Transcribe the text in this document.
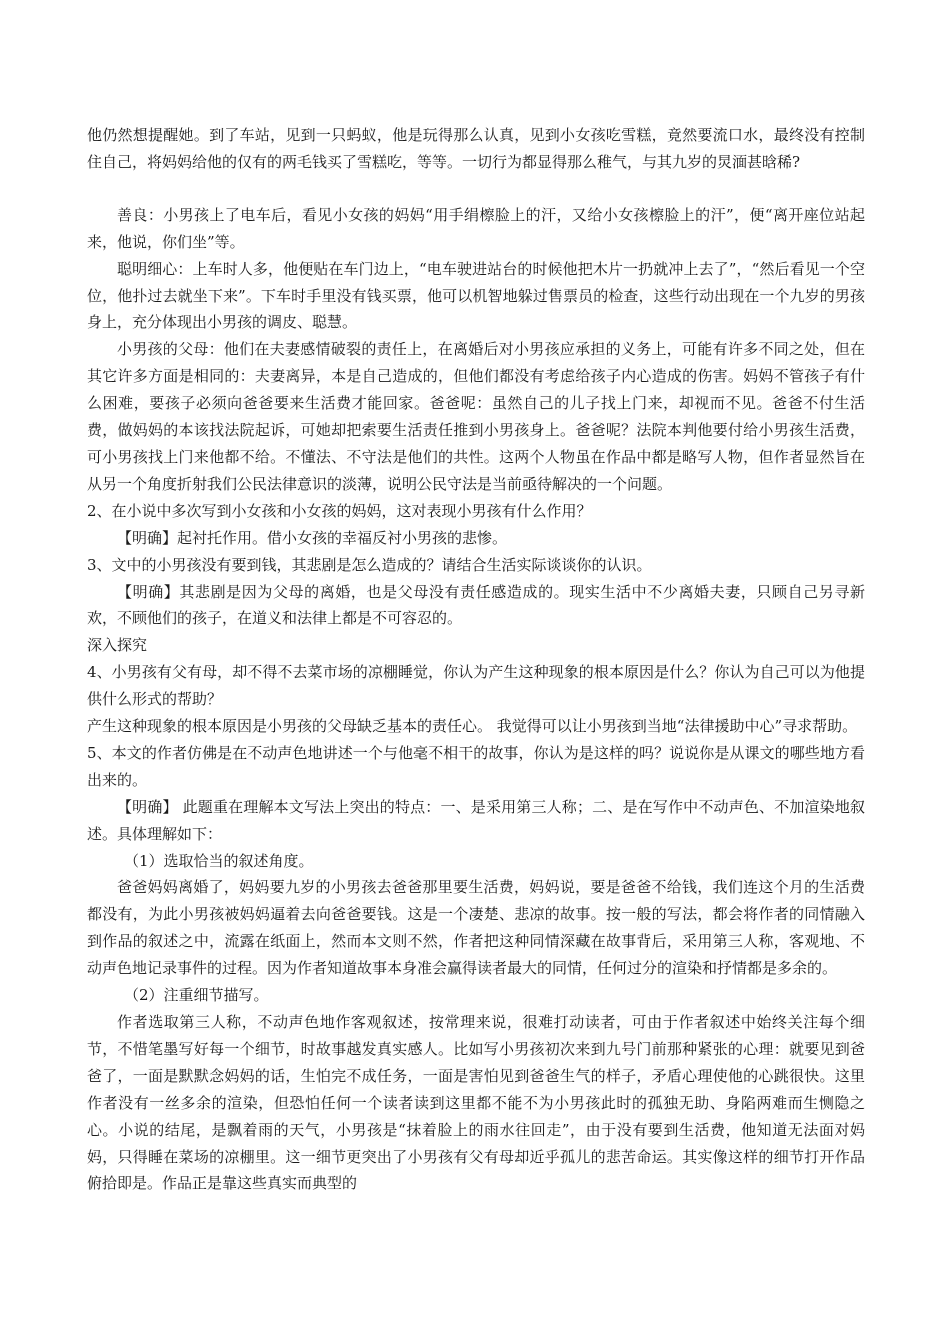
他仍然想提醒她。到了车站，见到一只蚂蚁，他是玩得那么认真，见到小女孩吃雪糕，竟然要流口水，最终没有控制住自己，将妈妈给他的仅有的两毛钱买了雪糕吃，等等。一切行为都显得那么稚气，与其九岁的炅湎甚晗稀?

善良：小男孩上了电车后，看见小女孩的妈妈“用手绢檫脸上的汗，又给小女孩檫脸上的汗”，便“离开座位站起来，他说，你们坐”等。

聪明细心：上车时人多，他便贴在车门边上，“电车驶进站台的时候他把木片一扔就冲上去了”，“然后看见一个空位，他扑过去就坐下来”。下车时手里没有钱买票，他可以机智地躲过售票员的检查，这些行动出现在一个九岁的男孩身上，充分体现出小男孩的调皮、聪慧。

小男孩的父母：他们在夫妻感情破裂的责任上，在离婚后对小男孩应承担的义务上，可能有许多不同之处，但在其它许多方面是相同的：夫妻离异，本是自己造成的，但他们都没有考虑给孩子内心造成的伤害。妈妈不管孩子有什么困难，要孩子必须向爸爸要来生活费才能回家。爸爸呢：虽然自己的儿子找上门来，却视而不见。爸爸不付生活费，做妈妈的本该找法院起诉，可她却把索要生活责任推到小男孩身上。爸爸呢？法院本判他要付给小男孩生活费，可小男孩找上门来他都不给。不懂法、不守法是他们的共性。这两个人物虽在作品中都是略写人物，但作者显然旨在从另一个角度折射我们公民法律意识的淡薄，说明公民守法是当前亟待解决的一个问题。

2、在小说中多次写到小女孩和小女孩的妈妈，这对表现小男孩有什么作用？

【明确】起衬托作用。借小女孩的幸福反衬小男孩的悲惨。

3、文中的小男孩没有要到钱，其悲剧是怎么造成的？请结合生活实际谈谈你的认识。

【明确】其悲剧是因为父母的离婚，也是父母没有责任感造成的。现实生活中不少离婚夫妻，只顾自己另寻新欢，不顾他们的孩子，在道义和法律上都是不可容忍的。

深入探究

4、小男孩有父有母，却不得不去菜市场的凉棚睡觉，你认为产生这种现象的根本原因是什么？你认为自己可以为他提供什么形式的帮助？

产生这种现象的根本原因是小男孩的父母缺乏基本的责任心。 我觉得可以让小男孩到当地“法律援助中心”寻求帮助。

5、本文的作者仿佛是在不动声色地讲述一个与他毫不相干的故事，你认为是这样的吗？说说你是从课文的哪些地方看出来的。

【明确】 此题重在理解本文写法上突出的特点：一、是采用第三人称；二、是在写作中不动声色、不加渲染地叙述。具体理解如下：

（1）选取恰当的叙述角度。

爸爸妈妈离婚了，妈妈要九岁的小男孩去爸爸那里要生活费，妈妈说，要是爸爸不给钱，我们连这个月的生活费都没有，为此小男孩被妈妈逼着去向爸爸要钱。这是一个凄楚、悲凉的故事。按一般的写法，都会将作者的同情融入到作品的叙述之中，流露在纸面上，然而本文则不然，作者把这种同情深藏在故事背后，采用第三人称，客观地、不动声色地记录事件的过程。因为作者知道故事本身准会赢得读者最大的同情，任何过分的渲染和抒情都是多余的。

（2）注重细节描写。

作者选取第三人称，不动声色地作客观叙述，按常理来说，很难打动读者，可由于作者叙述中始终关注每个细节，不惜笔墨写好每一个细节，时故事越发真实感人。比如写小男孩初次来到九号门前那种紧张的心理：就要见到爸爸了，一面是默默念妈妈的话，生怕完不成任务，一面是害怕见到爸爸生气的样子，矛盾心理使他的心跳很快。这里作者没有一丝多余的渲染，但恐怕任何一个读者读到这里都不能不为小男孩此时的孤独无助、身陷两难而生恻隐之心。小说的结尾，是飘着雨的天气，小男孩是“抹着脸上的雨水往回走”，由于没有要到生活费，他知道无法面对妈妈，只得睡在菜场的凉棚里。这一细节更突出了小男孩有父有母却近乎孤儿的悲苦命运。其实像这样的细节打开作品俯拾即是。作品正是靠这些真实而典型的
